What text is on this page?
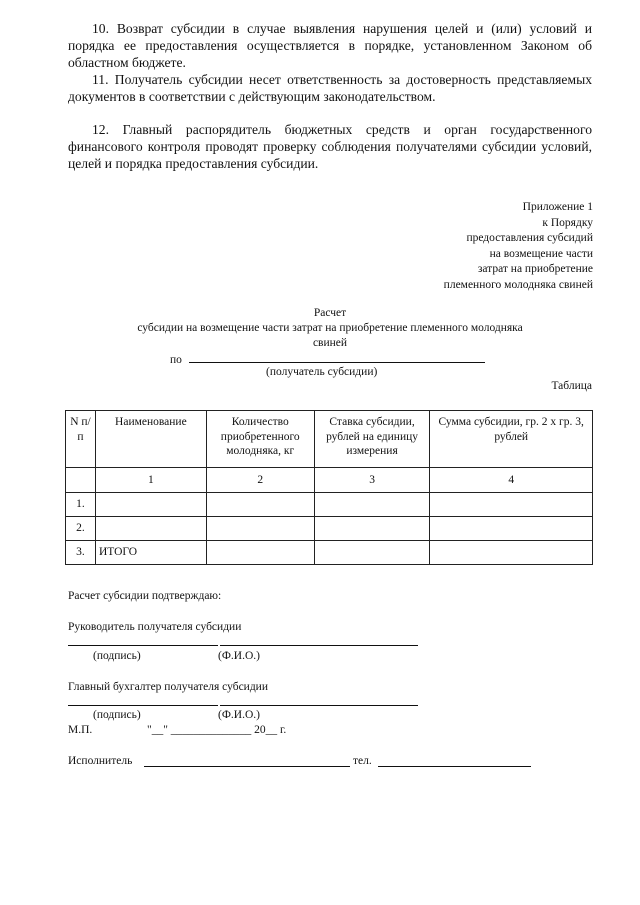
10. Возврат субсидии в случае выявления нарушения целей и (или) условий и порядка ее предоставления осуществляется в порядке, установленном Законом об областном бюджете.

11. Получатель субсидии несет ответственность за достоверность представляемых документов в соответствии с действующим законодательством.

12. Главный распорядитель бюджетных средств и орган государственного финансового контроля проводят проверку соблюдения получателями субсидии условий, целей и порядка предоставления субсидии.

Приложение 1
к Порядку
предоставления субсидий
на возмещение части
затрат на приобретение
племенного молодняка свиней
Расчет
субсидии на возмещение части затрат на приобретение племенного молодняка
свиней
по
(получатель субсидии)
Таблица
N п/п	Наименование	Количество приобретенного молодняка, кг	Ставка субсидии, рублей на единицу измерения	Сумма субсидии, гр. 2 x гр. 3, рублей
	1	2	3	4
1.				
2.				
3.	ИТОГО			
Расчет субсидии подтверждаю:
Руководитель получателя субсидии
(подпись)	(Ф.И.О.)
Главный бухгалтер получателя субсидии
(подпись)	(Ф.И.О.)
М.П.	"__" ______________ 20__ г.
Исполнитель	тел.
